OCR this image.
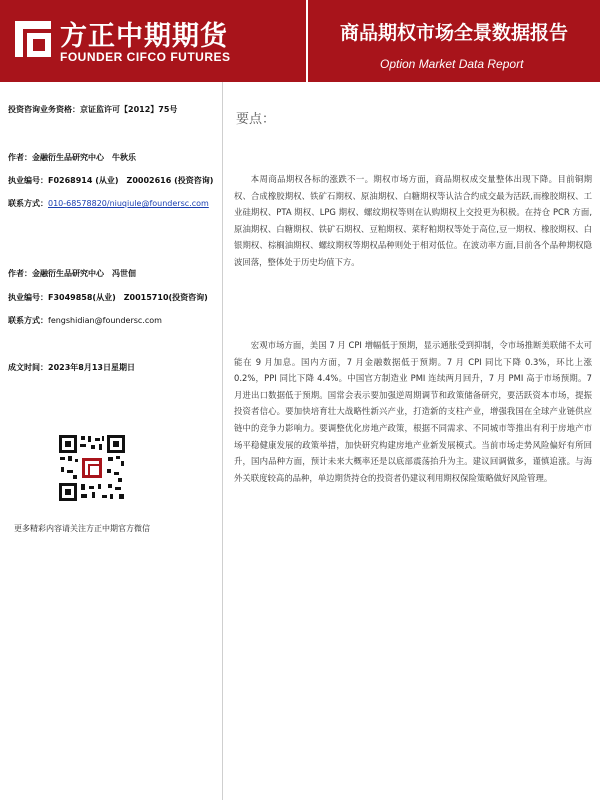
方正中期期货
FOUNDER CIFCO FUTURES
商品期权市场全景数据报告
Option Market Data Report
投资咨询业务资格：京证监许可【2012】75号
作者：金融衍生品研究中心　牛秋乐
执业编号：F0268914 (从业)　Z0002616 (投资咨询)
联系方式：010-68578820/niuqiule@foundersc.com
作者：金融衍生品研究中心　冯世佃
执业编号：F3049858(从业)　Z0015710(投资咨询)
联系方式：fengshidian@foundersc.com
成文时间：2023年8月13日星期日
更多精彩内容请关注方正中期官方微信
要点：

本周商品期权各标的涨跌不一。期权市场方面，商品期权成交量整体出现下降。目前铜期权、合成橡胶期权、铁矿石期权、原油期权、白糖期权等认沽合约成交最为活跃,而橡胶期权、工业硅期权、PTA 期权、LPG 期权、螺纹期权等则在认购期权上交投更为积极。在持仓 PCR 方面,原油期权、白糖期权、铁矿石期权、豆粕期权、菜籽粕期权等处于高位,豆一期权、橡胶期权、白银期权、棕榈油期权、螺纹期权等期权品种则处于相对低位。在波动率方面,目前各个品种期权隐波回落，整体处于历史均值下方。

宏观市场方面，美国 7 月 CPI 增幅低于预期，显示通胀受到抑制，令市场推断美联储不太可能在 9 月加息。国内方面，7 月金融数据低于预期。7 月 CPI 同比下降 0.3%，环比上涨 0.2%，PPI 同比下降 4.4%。中国官方制造业 PMI 连续两月回升，7 月 PMI 高于市场预期。7 月进出口数据低于预期。国常会表示要加强逆周期调节和政策储备研究，要活跃资本市场，提振投资者信心。要加快培育壮大战略性新兴产业，打造新的支柱产业，增强我国在全球产业链供应链中的竞争力影响力。要调整优化房地产政策，根据不同需求、不同城市等推出有利于房地产市场平稳健康发展的政策举措，加快研究构建房地产业新发展模式。当前市场走势风险偏好有所回升，国内品种方面，预计未来大概率还是以底部震荡抬升为主。建议回调做多，谨慎追涨。与海外关联度较高的品种，单边期货持仓的投资者仍建议利用期权保险策略做好风险管理。
